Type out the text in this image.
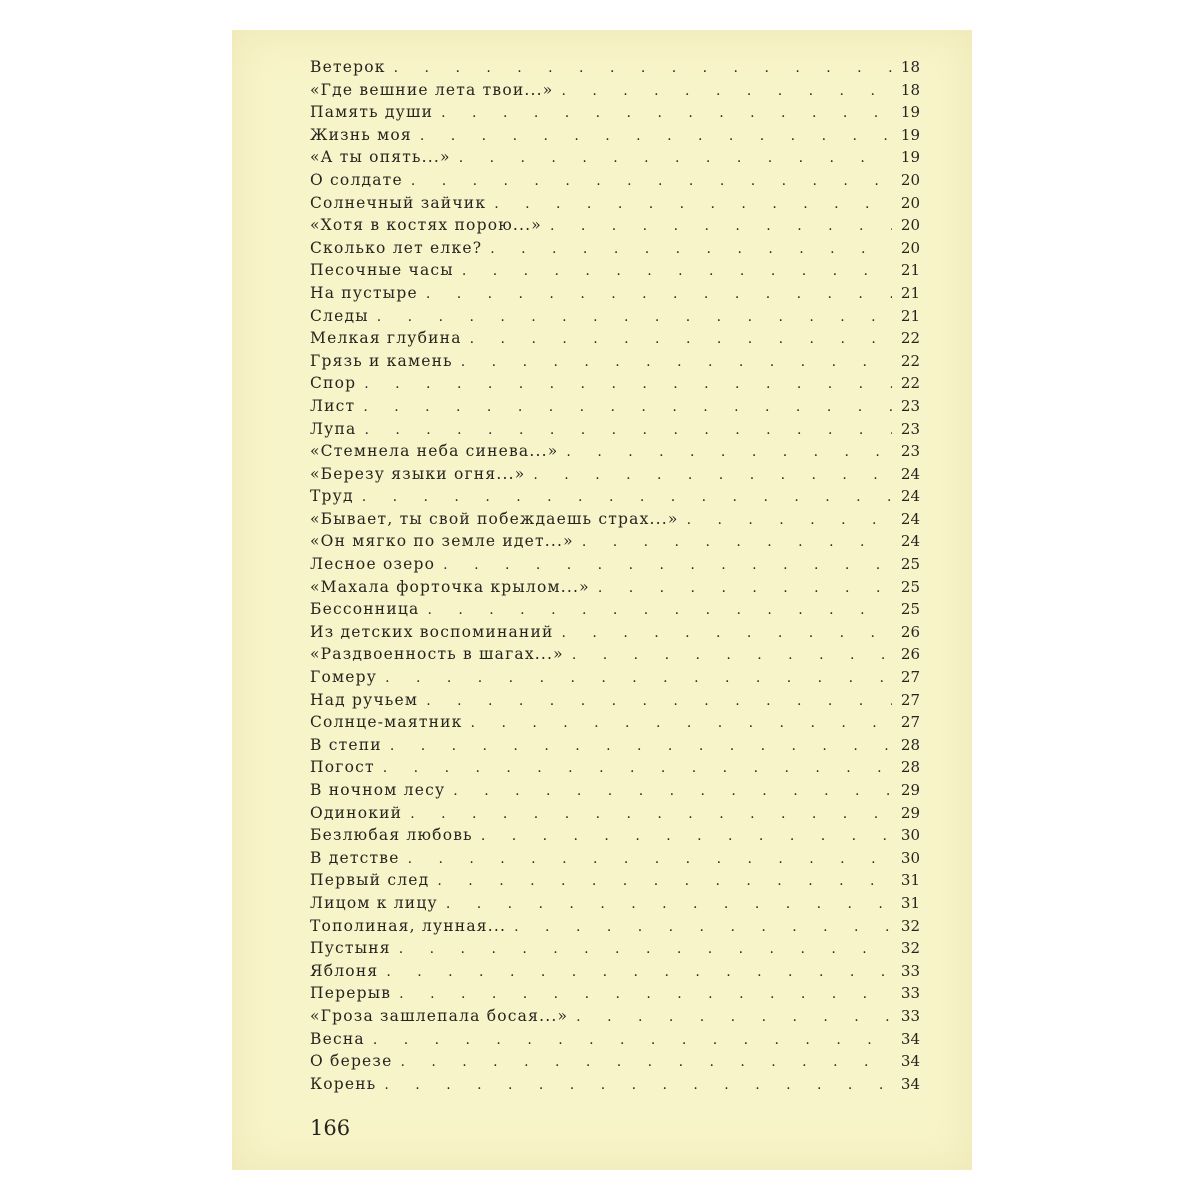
Ветерок . . .	18
«Где вешние лета твои...» . . .	18
Память души . . .	19
Жизнь моя . . .	19
«А ты опять...» . . .	19
О солдате . . .	20
Солнечный зайчик . . .	20
«Хотя в костях порою...» . . .	20
Сколько лет елке? . . .	20
Песочные часы . . .	21
На пустыре . . .	21
Следы . . .	21
Мелкая глубина . . .	22
Грязь и камень . . .	22
Спор . . .	22
Лист . . .	23
Лупа . . .	23
«Стемнела неба синева...» . . .	23
«Березу языки огня...» . . .	24
Труд . . .	24
«Бывает, ты свой побеждаешь страх...» . . .	24
«Он мягко по земле идет...» . . .	24
Лесное озеро . . .	25
«Махала форточка крылом...» . . .	25
Бессонница . . .	25
Из детских воспоминаний . . .	26
«Раздвоенность в шагах...» . . .	26
Гомеру . . .	27
Над ручьем . . .	27
Солнце-маятник . . .	27
В степи . . .	28
Погост . . .	28
В ночном лесу . . .	29
Одинокий . . .	29
Безлюбая любовь . . .	30
В детстве . . .	30
Первый след . . .	31
Лицом к лицу . . .	31
Тополиная, лунная... . . .	32
Пустыня . . .	32
Яблоня . . .	33
Перерыв . . .	33
«Гроза зашлепала босая...» . . .	33
Весна . . .	34
О березе . . .	34
Корень . . .	34
166
